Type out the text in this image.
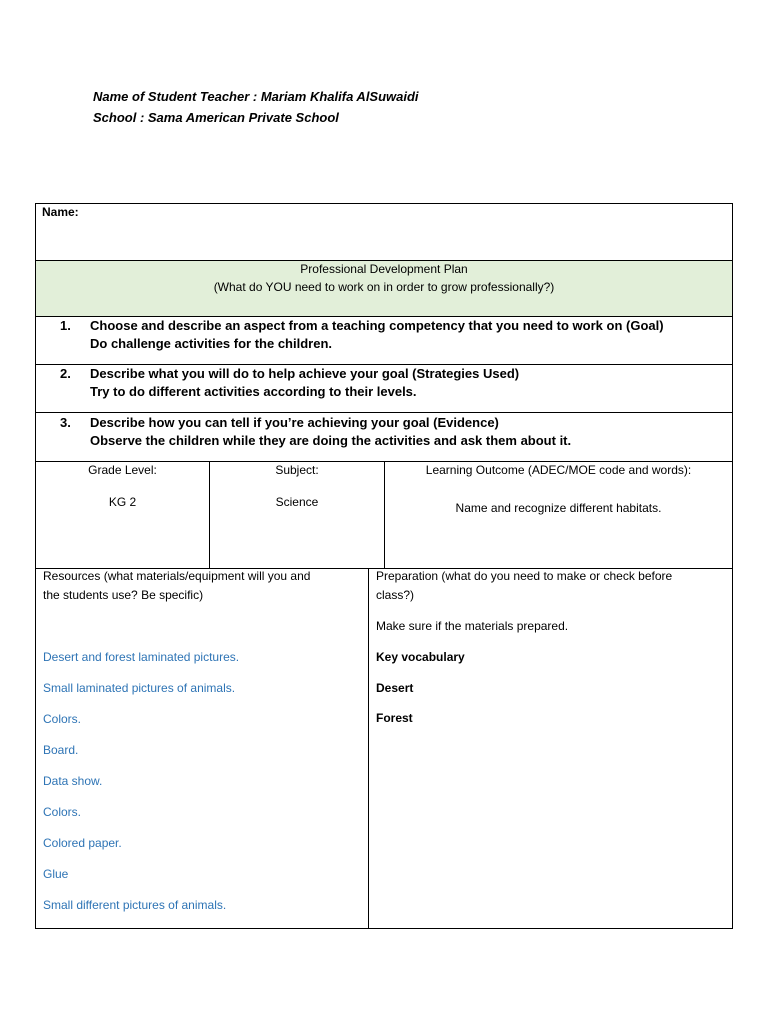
Name of Student Teacher : Mariam Khalifa AlSuwaidi
School : Sama American Private School
Name:
Professional Development Plan
(What do YOU need to work on in order to grow professionally?)
1. Choose and describe an aspect from a teaching competency that you need to work on (Goal)
Do challenge activities for the children.
2. Describe what you will do to help achieve your goal (Strategies Used)
Try to do different activities according to their levels.
3. Describe how you can tell if you’re achieving your goal (Evidence)
Observe the children while they are doing the activities and ask them about it.
Grade Level:
KG 2
Subject:
Science
Learning Outcome (ADEC/MOE code and words):
Name and recognize different habitats.
Resources (what materials/equipment will you and
the students use? Be specific)
Desert and forest laminated pictures.
Small laminated pictures of animals.
Colors.
Board.
Data show.
Colors.
Colored paper.
Glue
Small different pictures of animals.
Preparation (what do you need to make or check before
class?)
Make sure if the materials prepared.
Key vocabulary
Desert
Forest
